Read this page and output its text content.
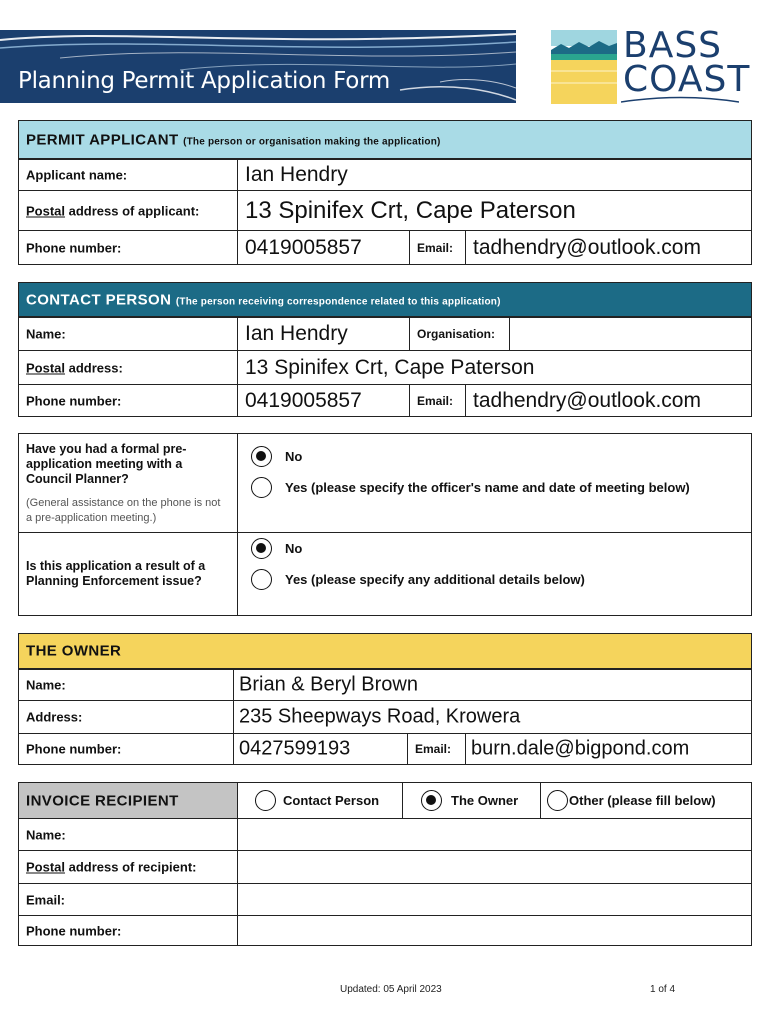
Planning Permit Application Form
BASS
COAST
PERMIT APPLICANT (The person or organisation making the application)
Applicant name:	Ian Hendry
Postal address of applicant: 13 Spinifex Crt, Cape Paterson
Phone number:	0419005857	Email: tadhendry@outlook.com
CONTACT PERSON (The person receiving correspondence related to this application)
Name:	Ian Hendry	Organisation:
Postal address:	13 Spinifex Crt, Cape Paterson
Phone number:	0419005857	Email: tadhendry@outlook.com
Have you had a formal pre-application meeting with a Council Planner?
(General assistance on the phone is not a pre-application meeting.)
No
Yes (please specify the officer's name and date of meeting below)
Is this application a result of a Planning Enforcement issue?
No
Yes (please specify any additional details below)
THE OWNER
Name:	Brian & Beryl Brown
Address:	235 Sheepways Road, Krowera
Phone number:	0427599193	Email: burn.dale@bigpond.com
INVOICE RECIPIENT	Contact Person	The Owner	Other (please fill below)
Name:
Postal address of recipient:
Email:
Phone number:
Updated: 05 April 2023	1 of 4
